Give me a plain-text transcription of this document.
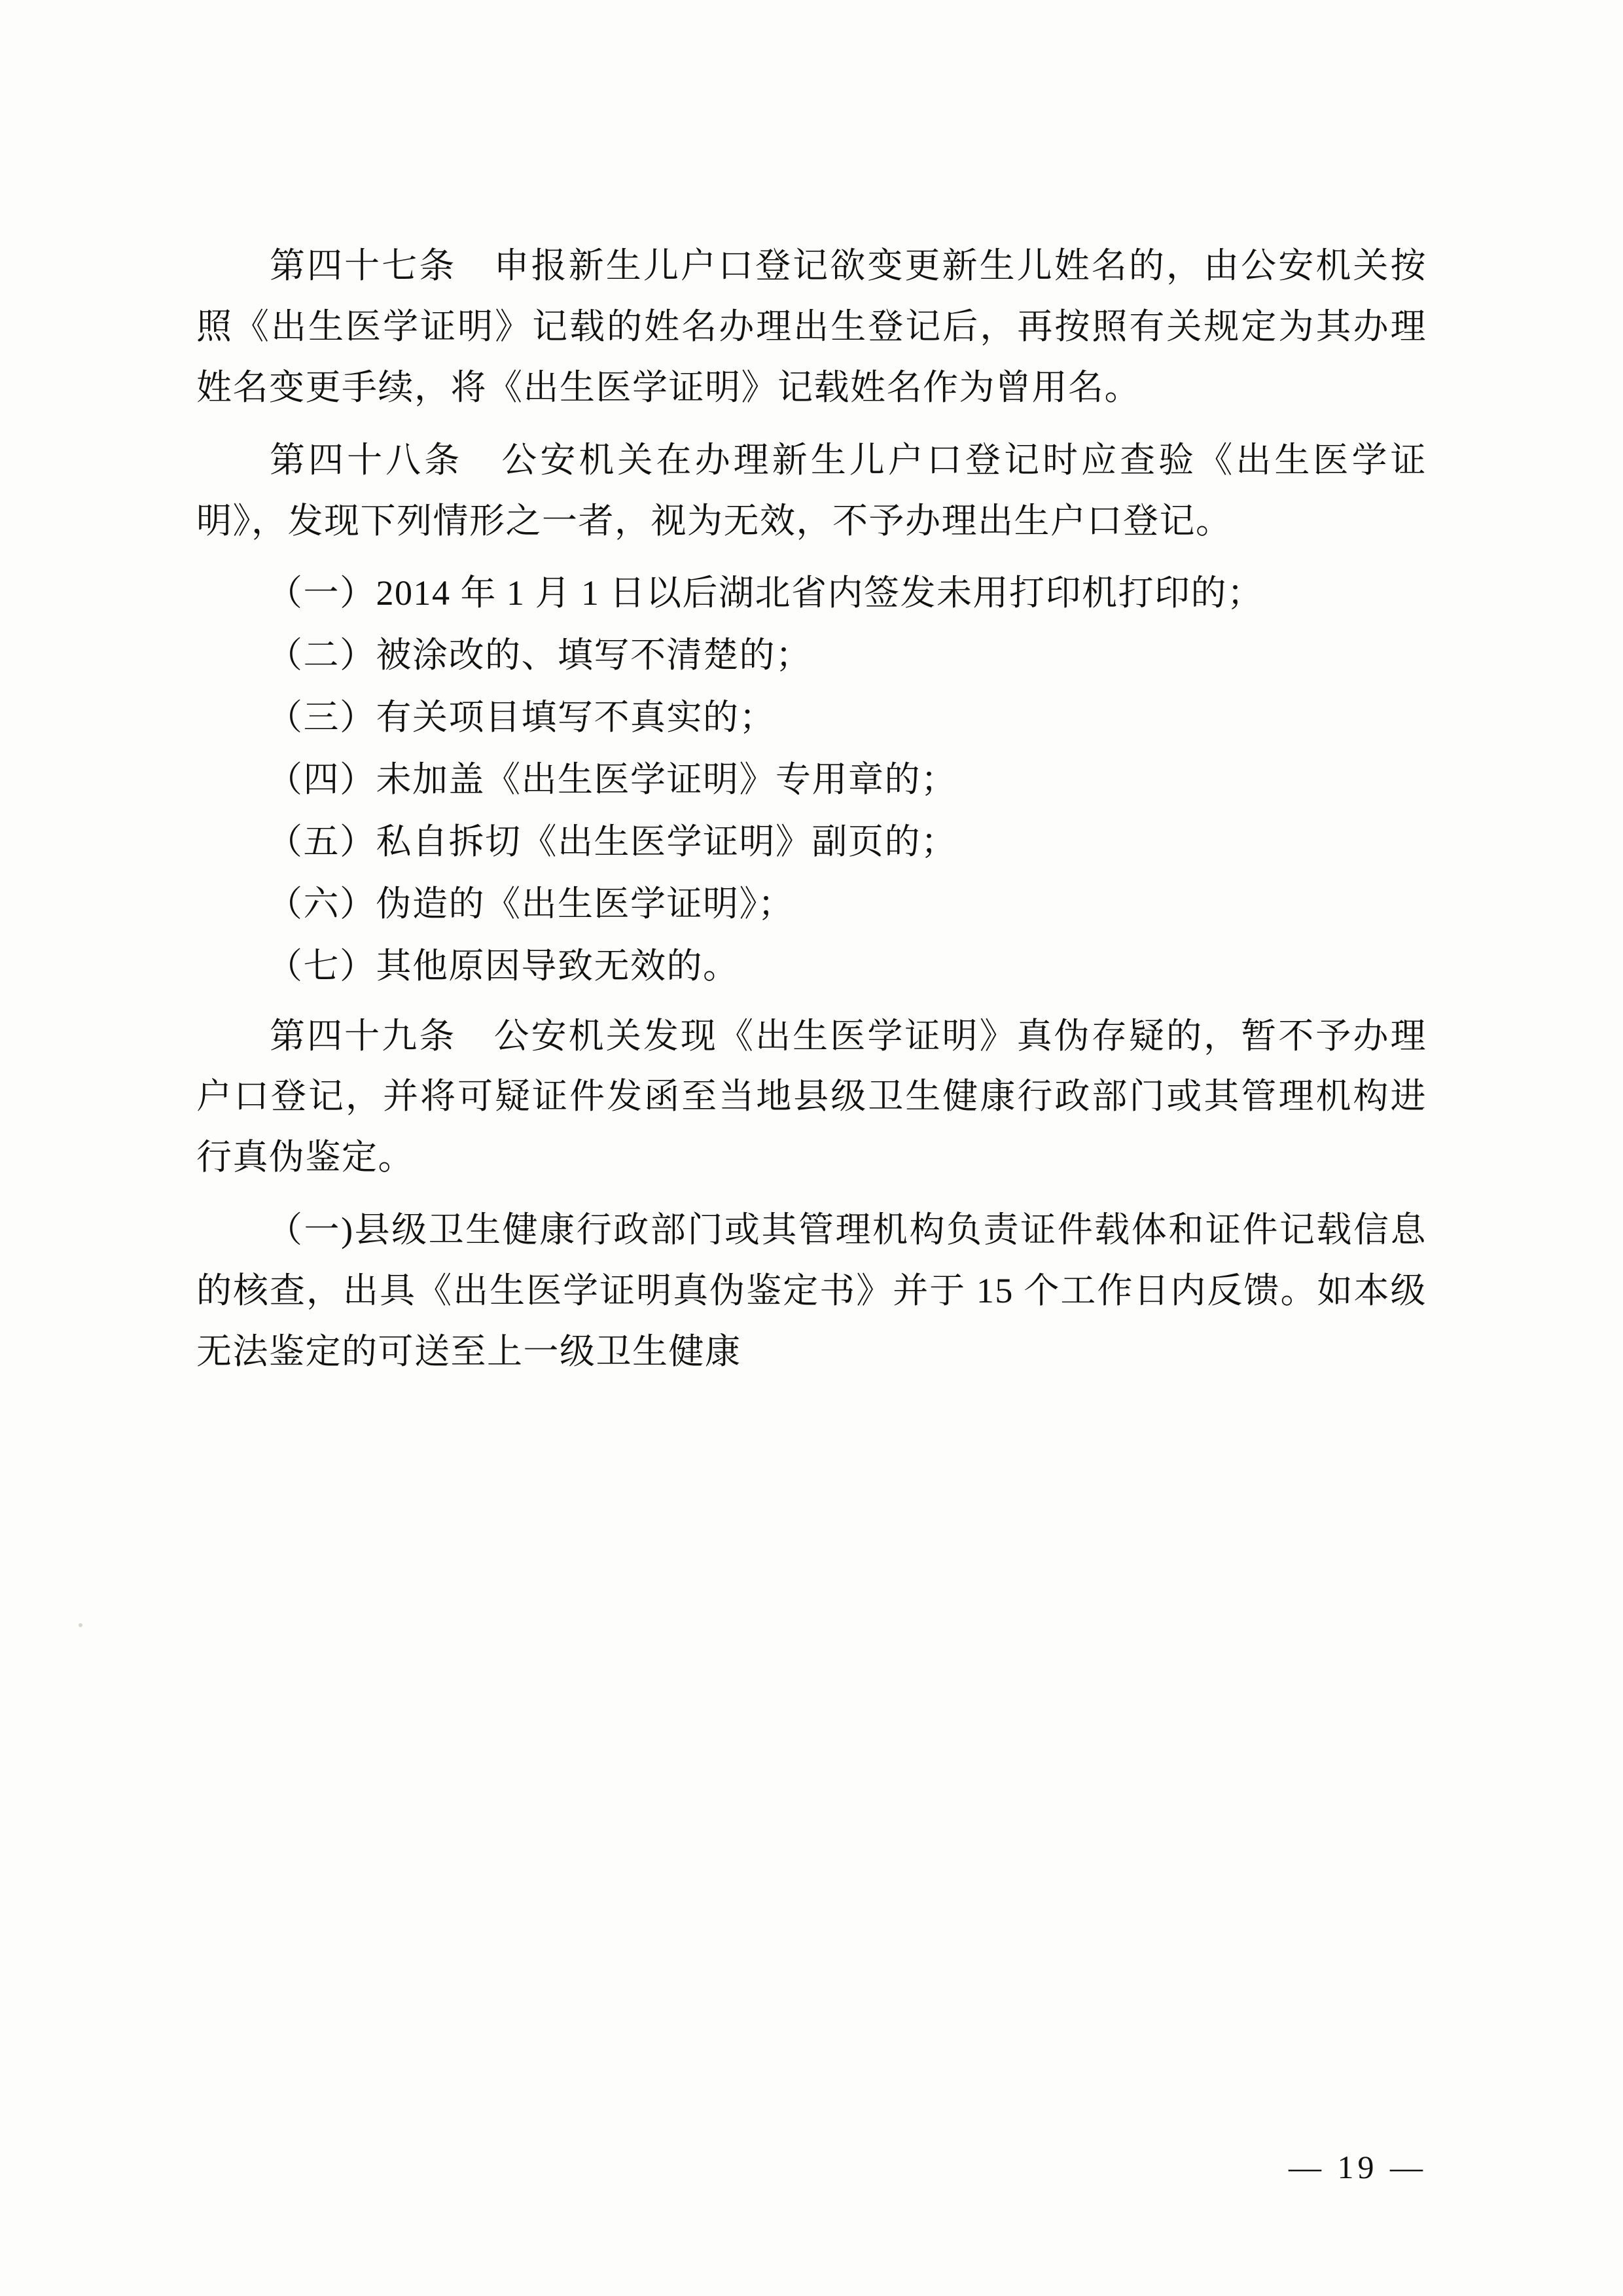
第四十七条　申报新生儿户口登记欲变更新生儿姓名的，由公安机关按照《出生医学证明》记载的姓名办理出生登记后，再按照有关规定为其办理姓名变更手续，将《出生医学证明》记载姓名作为曾用名。

第四十八条　公安机关在办理新生儿户口登记时应查验《出生医学证明》，发现下列情形之一者，视为无效，不予办理出生户口登记。

（一）2014 年 1 月 1 日以后湖北省内签发未用打印机打印的；

（二）被涂改的、填写不清楚的；

（三）有关项目填写不真实的；

（四）未加盖《出生医学证明》专用章的；

（五）私自拆切《出生医学证明》副页的；

（六）伪造的《出生医学证明》；

（七）其他原因导致无效的。

第四十九条　公安机关发现《出生医学证明》真伪存疑的，暂不予办理户口登记，并将可疑证件发函至当地县级卫生健康行政部门或其管理机构进行真伪鉴定。

（一)县级卫生健康行政部门或其管理机构负责证件载体和证件记载信息的核查，出具《出生医学证明真伪鉴定书》并于 15 个工作日内反馈。如本级无法鉴定的可送至上一级卫生健康

— 19 —
